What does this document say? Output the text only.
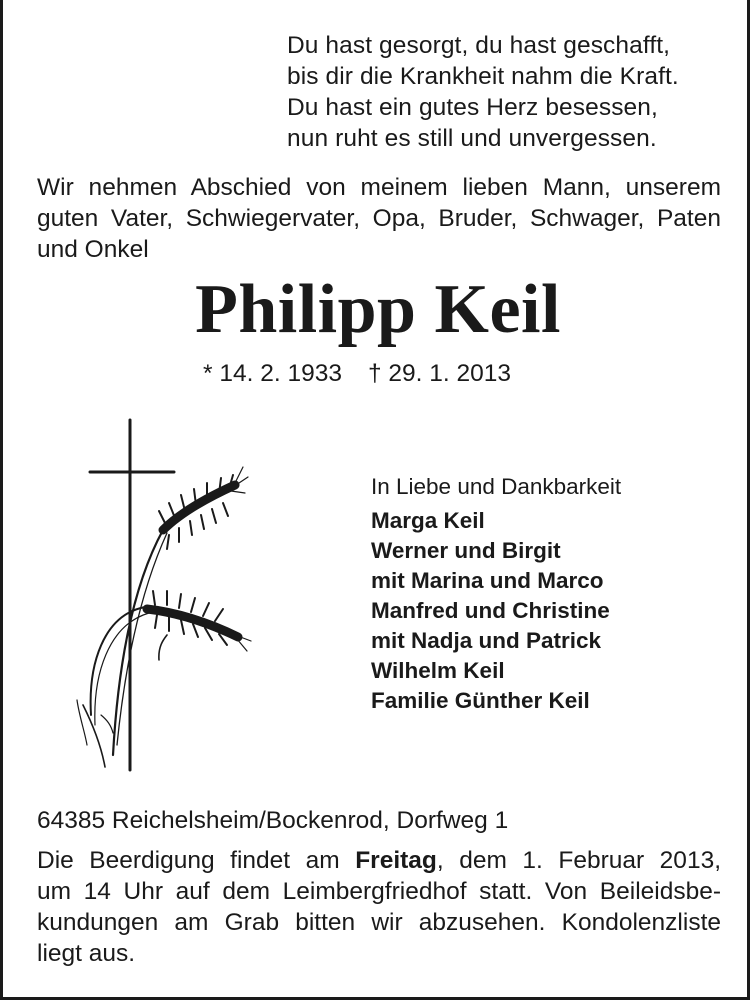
Du hast gesorgt, du hast geschafft,
bis dir die Krankheit nahm die Kraft.
Du hast ein gutes Herz besessen,
nun ruht es still und unvergessen.
Wir nehmen Abschied von meinem lieben Mann, unserem
guten Vater, Schwiegervater, Opa, Bruder, Schwager, Paten
und Onkel
Philipp Keil
* 14. 2. 1933 † 29. 1. 2013
In Liebe und Dankbarkeit
Marga Keil
Werner und Birgit
mit Marina und Marco
Manfred und Christine
mit Nadja und Patrick
Wilhelm Keil
Familie Günther Keil
64385 Reichelsheim/Bockenrod, Dorfweg 1
Die Beerdigung findet am Freitag, dem 1. Februar 2013,
um 14 Uhr auf dem Leimbergfriedhof statt. Von Beileidsbe-
kundungen am Grab bitten wir abzusehen. Kondolenzliste
liegt aus.
